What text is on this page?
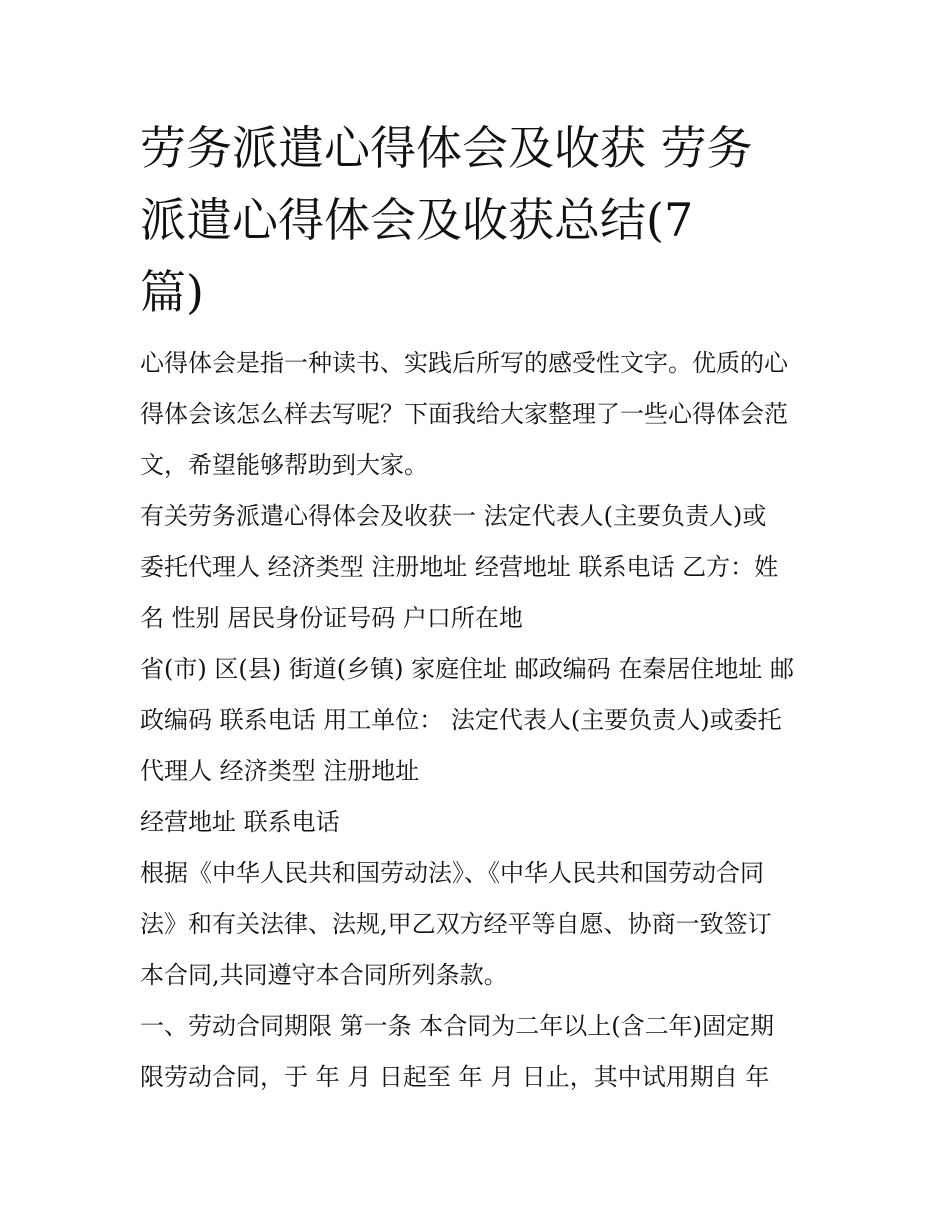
劳务派遣心得体会及收获 劳务
派遣心得体会及收获总结(7
篇)

心得体会是指一种读书、实践后所写的感受性文字。优质的心
得体会该怎么样去写呢？下面我给大家整理了一些心得体会范
文，希望能够帮助到大家。

有关劳务派遣心得体会及收获一 法定代表人(主要负责人)或
委托代理人 经济类型 注册地址 经营地址 联系电话 乙方：姓
名 性别 居民身份证号码 户口所在地

省(市) 区(县) 街道(乡镇) 家庭住址 邮政编码 在秦居住地址 邮
政编码 联系电话 用工单位： 法定代表人(主要负责人)或委托
代理人 经济类型 注册地址

经营地址 联系电话

根据《中华人民共和国劳动法》、《中华人民共和国劳动合同
法》和有关法律、法规,甲乙双方经平等自愿、协商一致签订
本合同,共同遵守本合同所列条款。

一、劳动合同期限 第一条 本合同为二年以上(含二年)固定期
限劳动合同，于 年 月 日起至 年 月 日止，其中试用期自 年
